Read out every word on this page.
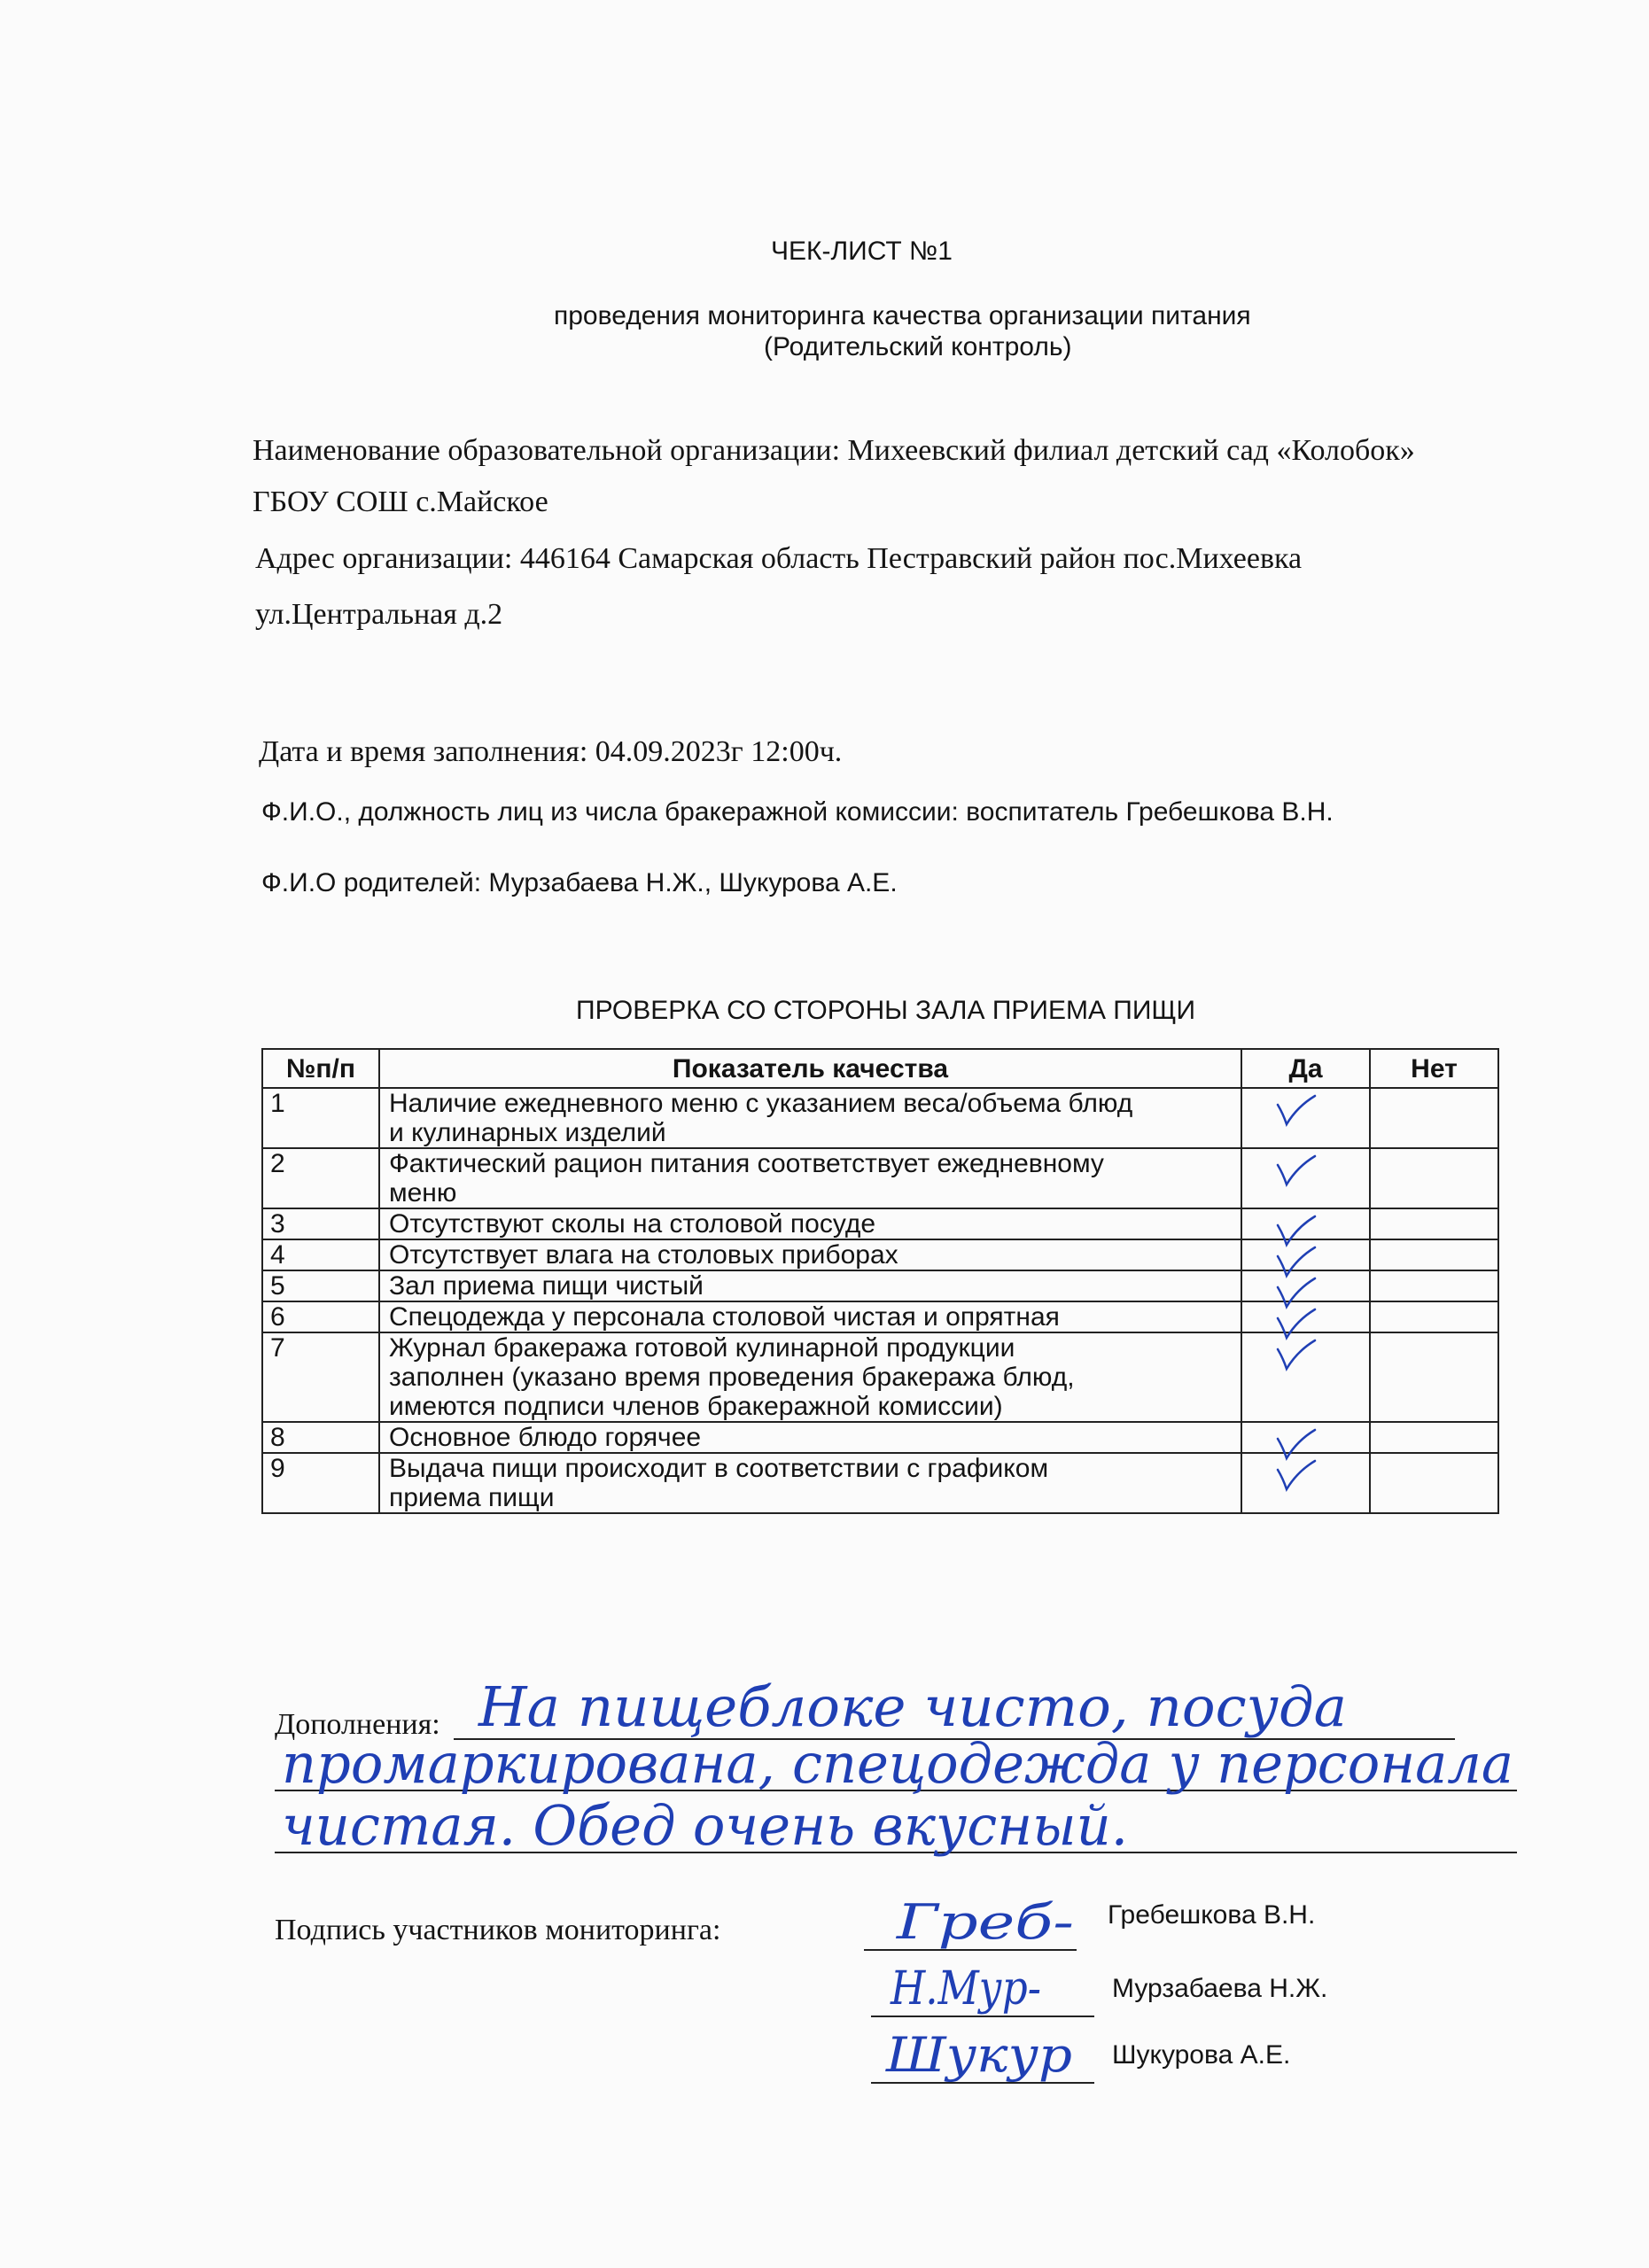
ЧЕК-ЛИСТ №1
проведения мониторинга качества организации питания
(Родительский контроль)
Наименование образовательной организации: Михеевский филиал детский сад «Колобок»
ГБОУ СОШ с.Майское
Адрес организации: 446164 Самарская область Пестравский район пос.Михеевка
ул.Центральная д.2
Дата и время заполнения: 04.09.2023г 12:00ч.
Ф.И.О., должность лиц из числа бракеражной комиссии: воспитатель Гребешкова В.Н.
Ф.И.О родителей: Мурзабаева Н.Ж., Шукурова А.Е.
ПРОВЕРКА СО СТОРОНЫ ЗАЛА ПРИЕМА ПИЩИ
№п/п	Показатель качества	Да	Нет
1	Наличие ежедневного меню с указанием веса/объема блюд
и кулинарных изделий

2	Фактический рацион питания соответствует ежедневному
меню

3	Отсутствуют сколы на столовой посуде

4	Отсутствует влага на столовых приборах

5	Зал приема пищи чистый

6	Спецодежда у персонала столовой чистая и опрятная

7	Журнал бракеража готовой кулинарной продукции
заполнен (указано время проведения бракеража блюд,
имеются подписи членов бракеражной комиссии)

8	Основное блюдо горячее

9	Выдача пищи происходит в соответствии с графиком
приема пищи

Дополнения: На пищеблоке чисто, посуда
промаркирована, спецодежда у персонала
чистая. Обед очень вкусный.
Подпись участников мониторинга:	Греб-
Н.Мур-
Шукур
Гребешкова В.Н.
Мурзабаева Н.Ж.
Шукурова А.Е.
